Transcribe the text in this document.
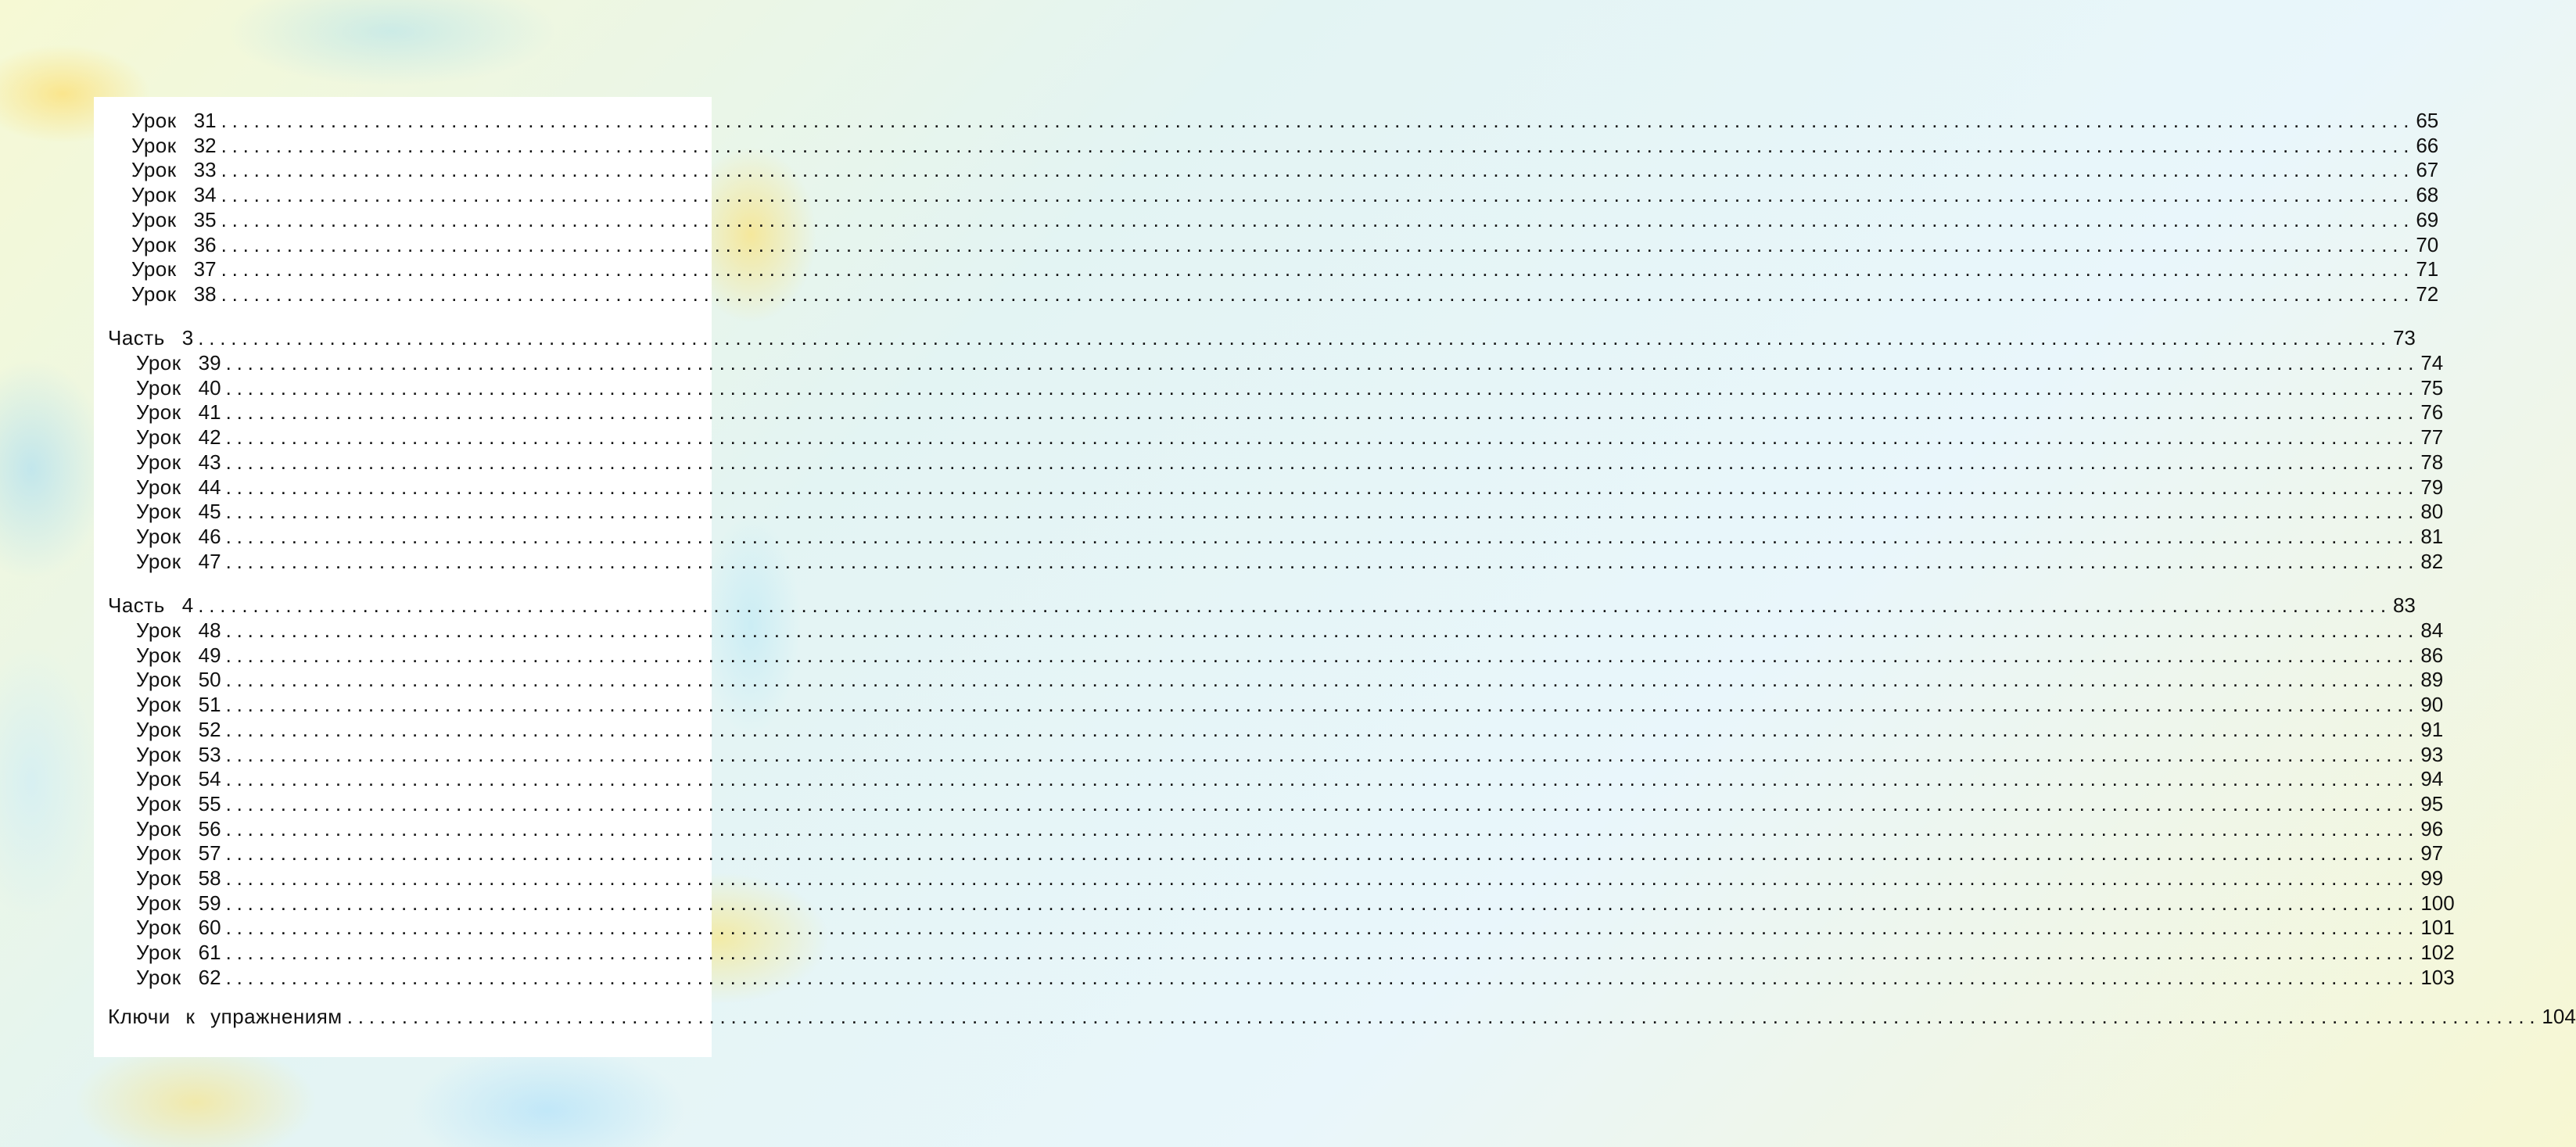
Урок 31 ........................................................................................................................................................................................................ 65
Урок 32 ........................................................................................................................................................................................................ 66
Урок 33 ........................................................................................................................................................................................................ 67
Урок 34 ........................................................................................................................................................................................................ 68
Урок 35 ........................................................................................................................................................................................................ 69
Урок 36 ........................................................................................................................................................................................................ 70
Урок 37 ........................................................................................................................................................................................................ 71
Урок 38 ........................................................................................................................................................................................................ 72
Часть 3 ........................................................................................................................................................................................................ 73
Урок 39 ........................................................................................................................................................................................................ 74
Урок 40 ........................................................................................................................................................................................................ 75
Урок 41 ........................................................................................................................................................................................................ 76
Урок 42 ........................................................................................................................................................................................................ 77
Урок 43 ........................................................................................................................................................................................................ 78
Урок 44 ........................................................................................................................................................................................................ 79
Урок 45 ........................................................................................................................................................................................................ 80
Урок 46 ........................................................................................................................................................................................................ 81
Урок 47 ........................................................................................................................................................................................................ 82
Часть 4 ........................................................................................................................................................................................................ 83
Урок 48 ........................................................................................................................................................................................................ 84
Урок 49 ........................................................................................................................................................................................................ 86
Урок 50 ........................................................................................................................................................................................................ 89
Урок 51 ........................................................................................................................................................................................................ 90
Урок 52 ........................................................................................................................................................................................................ 91
Урок 53 ........................................................................................................................................................................................................ 93
Урок 54 ........................................................................................................................................................................................................ 94
Урок 55 ........................................................................................................................................................................................................ 95
Урок 56 ........................................................................................................................................................................................................ 96
Урок 57 ........................................................................................................................................................................................................ 97
Урок 58 ........................................................................................................................................................................................................ 99
Урок 59 ........................................................................................................................................................................................................ 100
Урок 60 ........................................................................................................................................................................................................ 101
Урок 61 ........................................................................................................................................................................................................ 102
Урок 62 ........................................................................................................................................................................................................ 103
Ключи к упражнениям ........................................................................................................................................................................................................ 104
